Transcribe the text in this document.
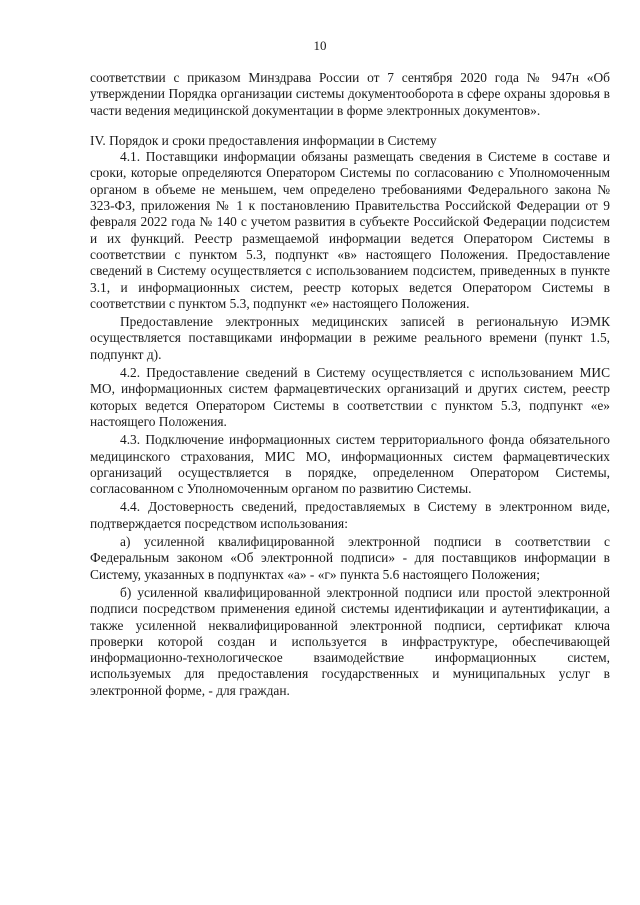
10

соответствии с приказом Минздрава России от 7 сентября 2020 года № 947н «Об утверждении Порядка организации системы документооборота в сфере охраны здоровья в части ведения медицинской документации в форме электронных документов».

IV. Порядок и сроки предоставления информации в Систему

4.1. Поставщики информации обязаны размещать сведения в Системе в составе и сроки, которые определяются Оператором Системы по согласованию с Уполномоченным органом в объеме не меньшем, чем определено требованиями Федерального закона № 323-ФЗ, приложения № 1 к постановлению Правительства Российской Федерации от 9 февраля 2022 года № 140 с учетом развития в субъекте Российской Федерации подсистем и их функций. Реестр размещаемой информации ведется Оператором Системы в соответствии с пунктом 5.3, подпункт «в» настоящего Положения. Предоставление сведений в Систему осуществляется с использованием подсистем, приведенных в пункте 3.1, и информационных систем, реестр которых ведется Оператором Системы в соответствии с пунктом 5.3, подпункт «е» настоящего Положения.

Предоставление электронных медицинских записей в региональную ИЭМК осуществляется поставщиками информации в режиме реального времени (пункт 1.5, подпункт д).

4.2. Предоставление сведений в Систему осуществляется с использованием МИС МО, информационных систем фармацевтических организаций и других систем, реестр которых ведется Оператором Системы в соответствии с пунктом 5.3, подпункт «е» настоящего Положения.

4.3. Подключение информационных систем территориального фонда обязательного медицинского страхования, МИС МО, информационных систем фармацевтических организаций осуществляется в порядке, определенном Оператором Системы, согласованном с Уполномоченным органом по развитию Системы.

4.4. Достоверность сведений, предоставляемых в Систему в электронном виде, подтверждается посредством использования:

а) усиленной квалифицированной электронной подписи в соответствии с Федеральным законом «Об электронной подписи» - для поставщиков информации в Систему, указанных в подпунктах «а» - «г» пункта 5.6 настоящего Положения;

б) усиленной квалифицированной электронной подписи или простой электронной подписи посредством применения единой системы идентификации и аутентификации, а также усиленной неквалифицированной электронной подписи, сертификат ключа проверки которой создан и используется в инфраструктуре, обеспечивающей информационно-технологическое взаимодействие информационных систем, используемых для предоставления государственных и муниципальных услуг в электронной форме, - для граждан.
